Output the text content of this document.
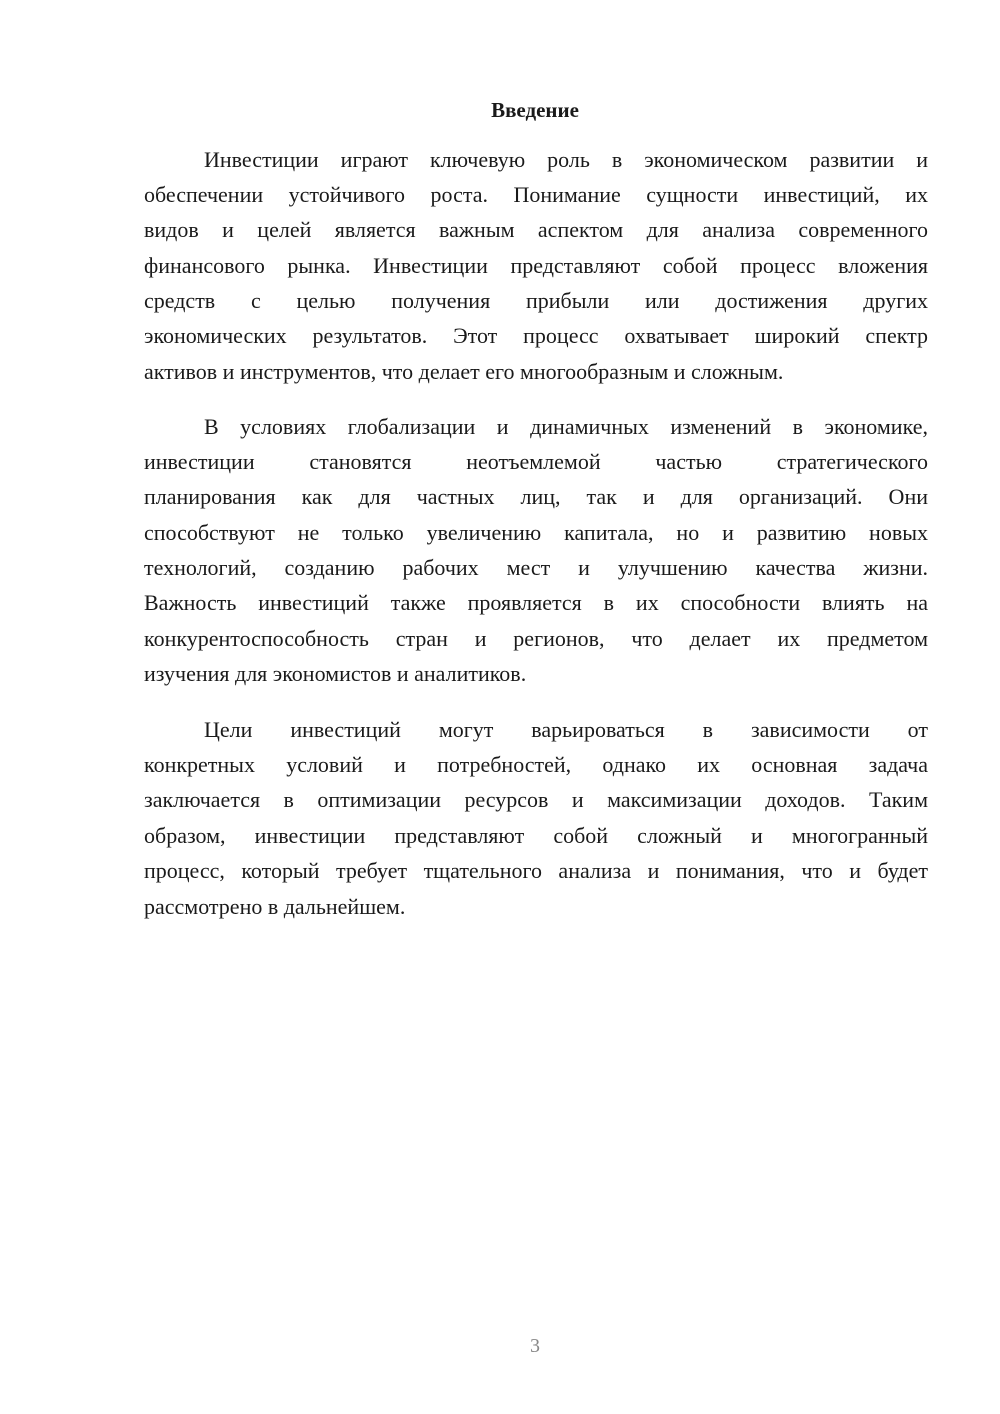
Введение
Инвестиции играют ключевую роль в экономическом развитии и
обеспечении устойчивого роста. Понимание сущности инвестиций, их
видов и целей является важным аспектом для анализа современного
финансового рынка. Инвестиции представляют собой процесс вложения
средств с целью получения прибыли или достижения других
экономических результатов. Этот процесс охватывает широкий спектр
активов и инструментов, что делает его многообразным и сложным.
В условиях глобализации и динамичных изменений в экономике,
инвестиции становятся неотъемлемой частью стратегического
планирования как для частных лиц, так и для организаций. Они
способствуют не только увеличению капитала, но и развитию новых
технологий, созданию рабочих мест и улучшению качества жизни.
Важность инвестиций также проявляется в их способности влиять на
конкурентоспособность стран и регионов, что делает их предметом
изучения для экономистов и аналитиков.
Цели инвестиций могут варьироваться в зависимости от
конкретных условий и потребностей, однако их основная задача
заключается в оптимизации ресурсов и максимизации доходов. Таким
образом, инвестиции представляют собой сложный и многогранный
процесс, который требует тщательного анализа и понимания, что и будет
рассмотрено в дальнейшем.
3
